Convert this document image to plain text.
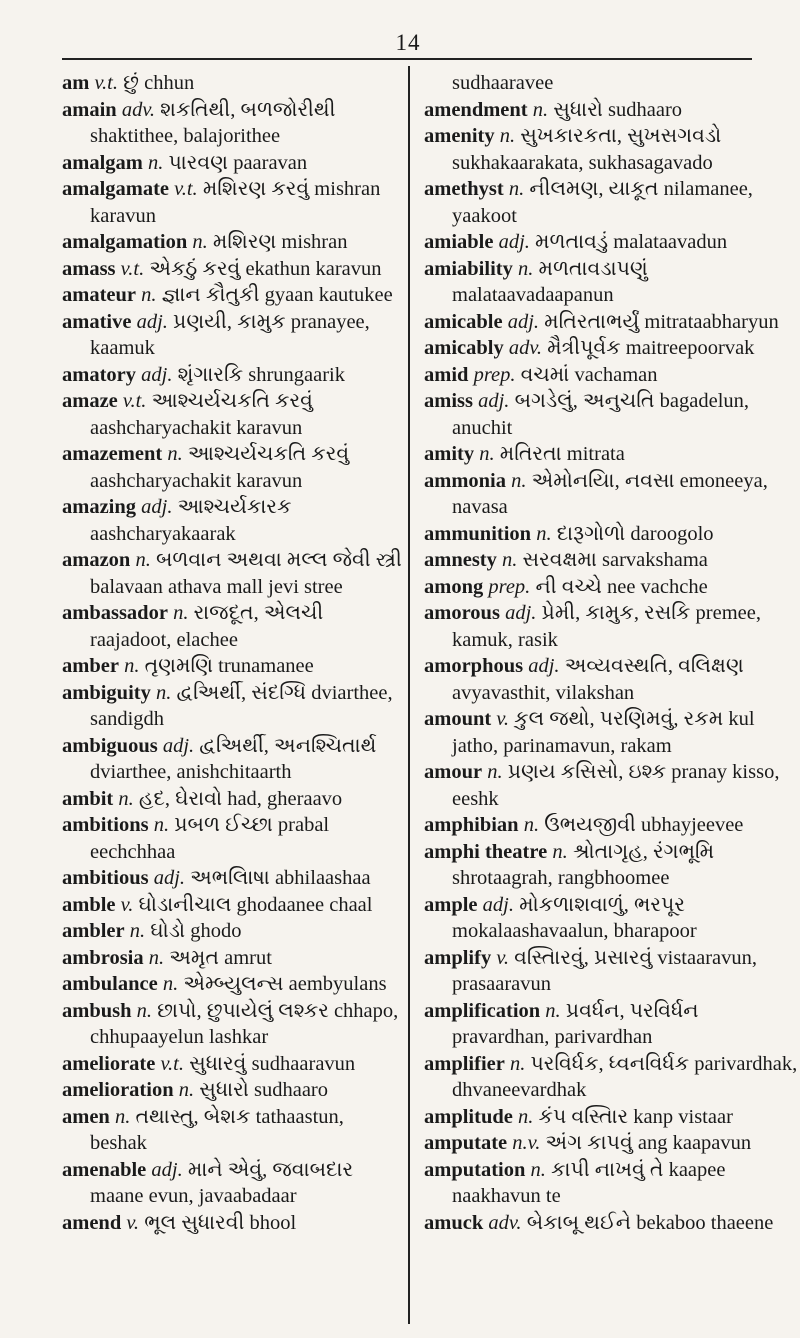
14
am v.t. છું chhun
amain adv. શકતિથી, બળજોરીથી shaktithee, balajorithee
amalgam n. પારવણ paaravan
amalgamate v.t. મશિરણ કરવું mishran karavun
amalgamation n. મશિરણ mishran
amass v.t. એકઠું કરવું ekathun karavun
amateur n. જ્ઞાન કૌતુકી gyaan kautukee
amative adj. પ્રણયી, કામુક pranayee, kaamuk
amatory adj. શૃંગારકિ shrungaarik
amaze v.t. આશ્ચર્યચકતિ કરવું aashcharyachakit karavun
amazement n. આશ્ચર્યચકતિ કરવું aashcharyachakit karavun
amazing adj. આશ્ચર્યકારક aashcharyakaarak
amazon n. બળવાન અથવા મલ્લ જેવી સ્ત્રી balavaan athava mall jevi stree
ambassador n. રાજદૂત, એલચી raajadoot, elachee
amber n. તૃણમણિ trunamanee
ambiguity n. દ્વઅિર્થી, સંદગ્ધિ dviarthee, sandigdh
ambiguous adj. દ્વઅિર્થી, અનશ્ચિતાર્થ dviarthee, anishchitaarth
ambit n. હદ, ઘેરાવો had, gheraavo
ambitions n. પ્રબળ ઈચ્છા prabal eechchhaa
ambitious adj. અભલિાષા abhilaashaa
amble v. ઘોડાનીચાલ ghodaanee chaal
ambler n. ઘોડો ghodo
ambrosia n. અમૃત amrut
ambulance n. એમ્બ્યુલન્સ aembyulans
ambush n. છાપો, છુપાયેલું લશ્કર chhapo, chhupaayelun lashkar
ameliorate v.t. સુધારવું sudhaaravun
amelioration n. સુધારો sudhaaro
amen n. તથાસ્તુ, બેશક tathaastun, beshak
amenable adj. માને એવું, જવાબદાર maane evun, javaabadaar
amend v. ભૂલ સુધારવી bhool
sudhaaravee
amendment n. સુધારો sudhaaro
amenity n. સુખકારકતા, સુખસગવડો sukhakaarakata, sukhasagavado
amethyst n. નીલમણ, યાકૂત nilamanee, yaakoot
amiable adj. મળતાવડું malataavadun
amiability n. મળતાવડાપણું malataavadaapanun
amicable adj. મતિરતાભર્યું mitrataabharyun
amicably adv. મૈત્રીપૂર્વક maitreepoorvak
amid prep. વચમાં vachaman
amiss adj. બગડેલું, અનુચતિ bagadelun, anuchit
amity n. મતિરતા mitrata
ammonia n. એમોનયિા, નવસા emoneeya, navasa
ammunition n. દારૂગોળો daroogolo
amnesty n. સરવક્ષમા sarvakshama
among prep. ની વચ્ચે nee vachche
amorous adj. પ્રેમી, કામુક, રસકિ premee, kamuk, rasik
amorphous adj. અવ્યવસ્થતિ, વલિક્ષણ avyavasthit, vilakshan
amount v. કુલ જથો, પરણિમવું, રકમ kul jatho, parinamavun, rakam
amour n. પ્રણય કસિસો, ઇશ્ક pranay kisso, eeshk
amphibian n. ઉભયજીવી ubhayjeevee
amphi theatre n. શ્રોતાગૃહ, રંગભૂમિ shrotaagrah, rangbhoomee
ample adj. મોકળાશવાળું, ભરપૂર mokalaashavaalun, bharapoor
amplify v. વસ્તિારવું, પ્રસારવું vistaaravun, prasaaravun
amplification n. પ્રવર્ધન, પરવિર્ધન pravardhan, parivardhan
amplifier n. પરવિર્ધક, ધ્વનવિર્ધક parivardhak, dhvaneevardhak
amplitude n. કંપ વસ્તિાર kanp vistaar
amputate n.v. અંગ કાપવું ang kaapavun
amputation n. કાપી નાખવું તે kaapee naakhavun te
amuck adv. બેકાબૂ થઈને bekaboo thaeene
